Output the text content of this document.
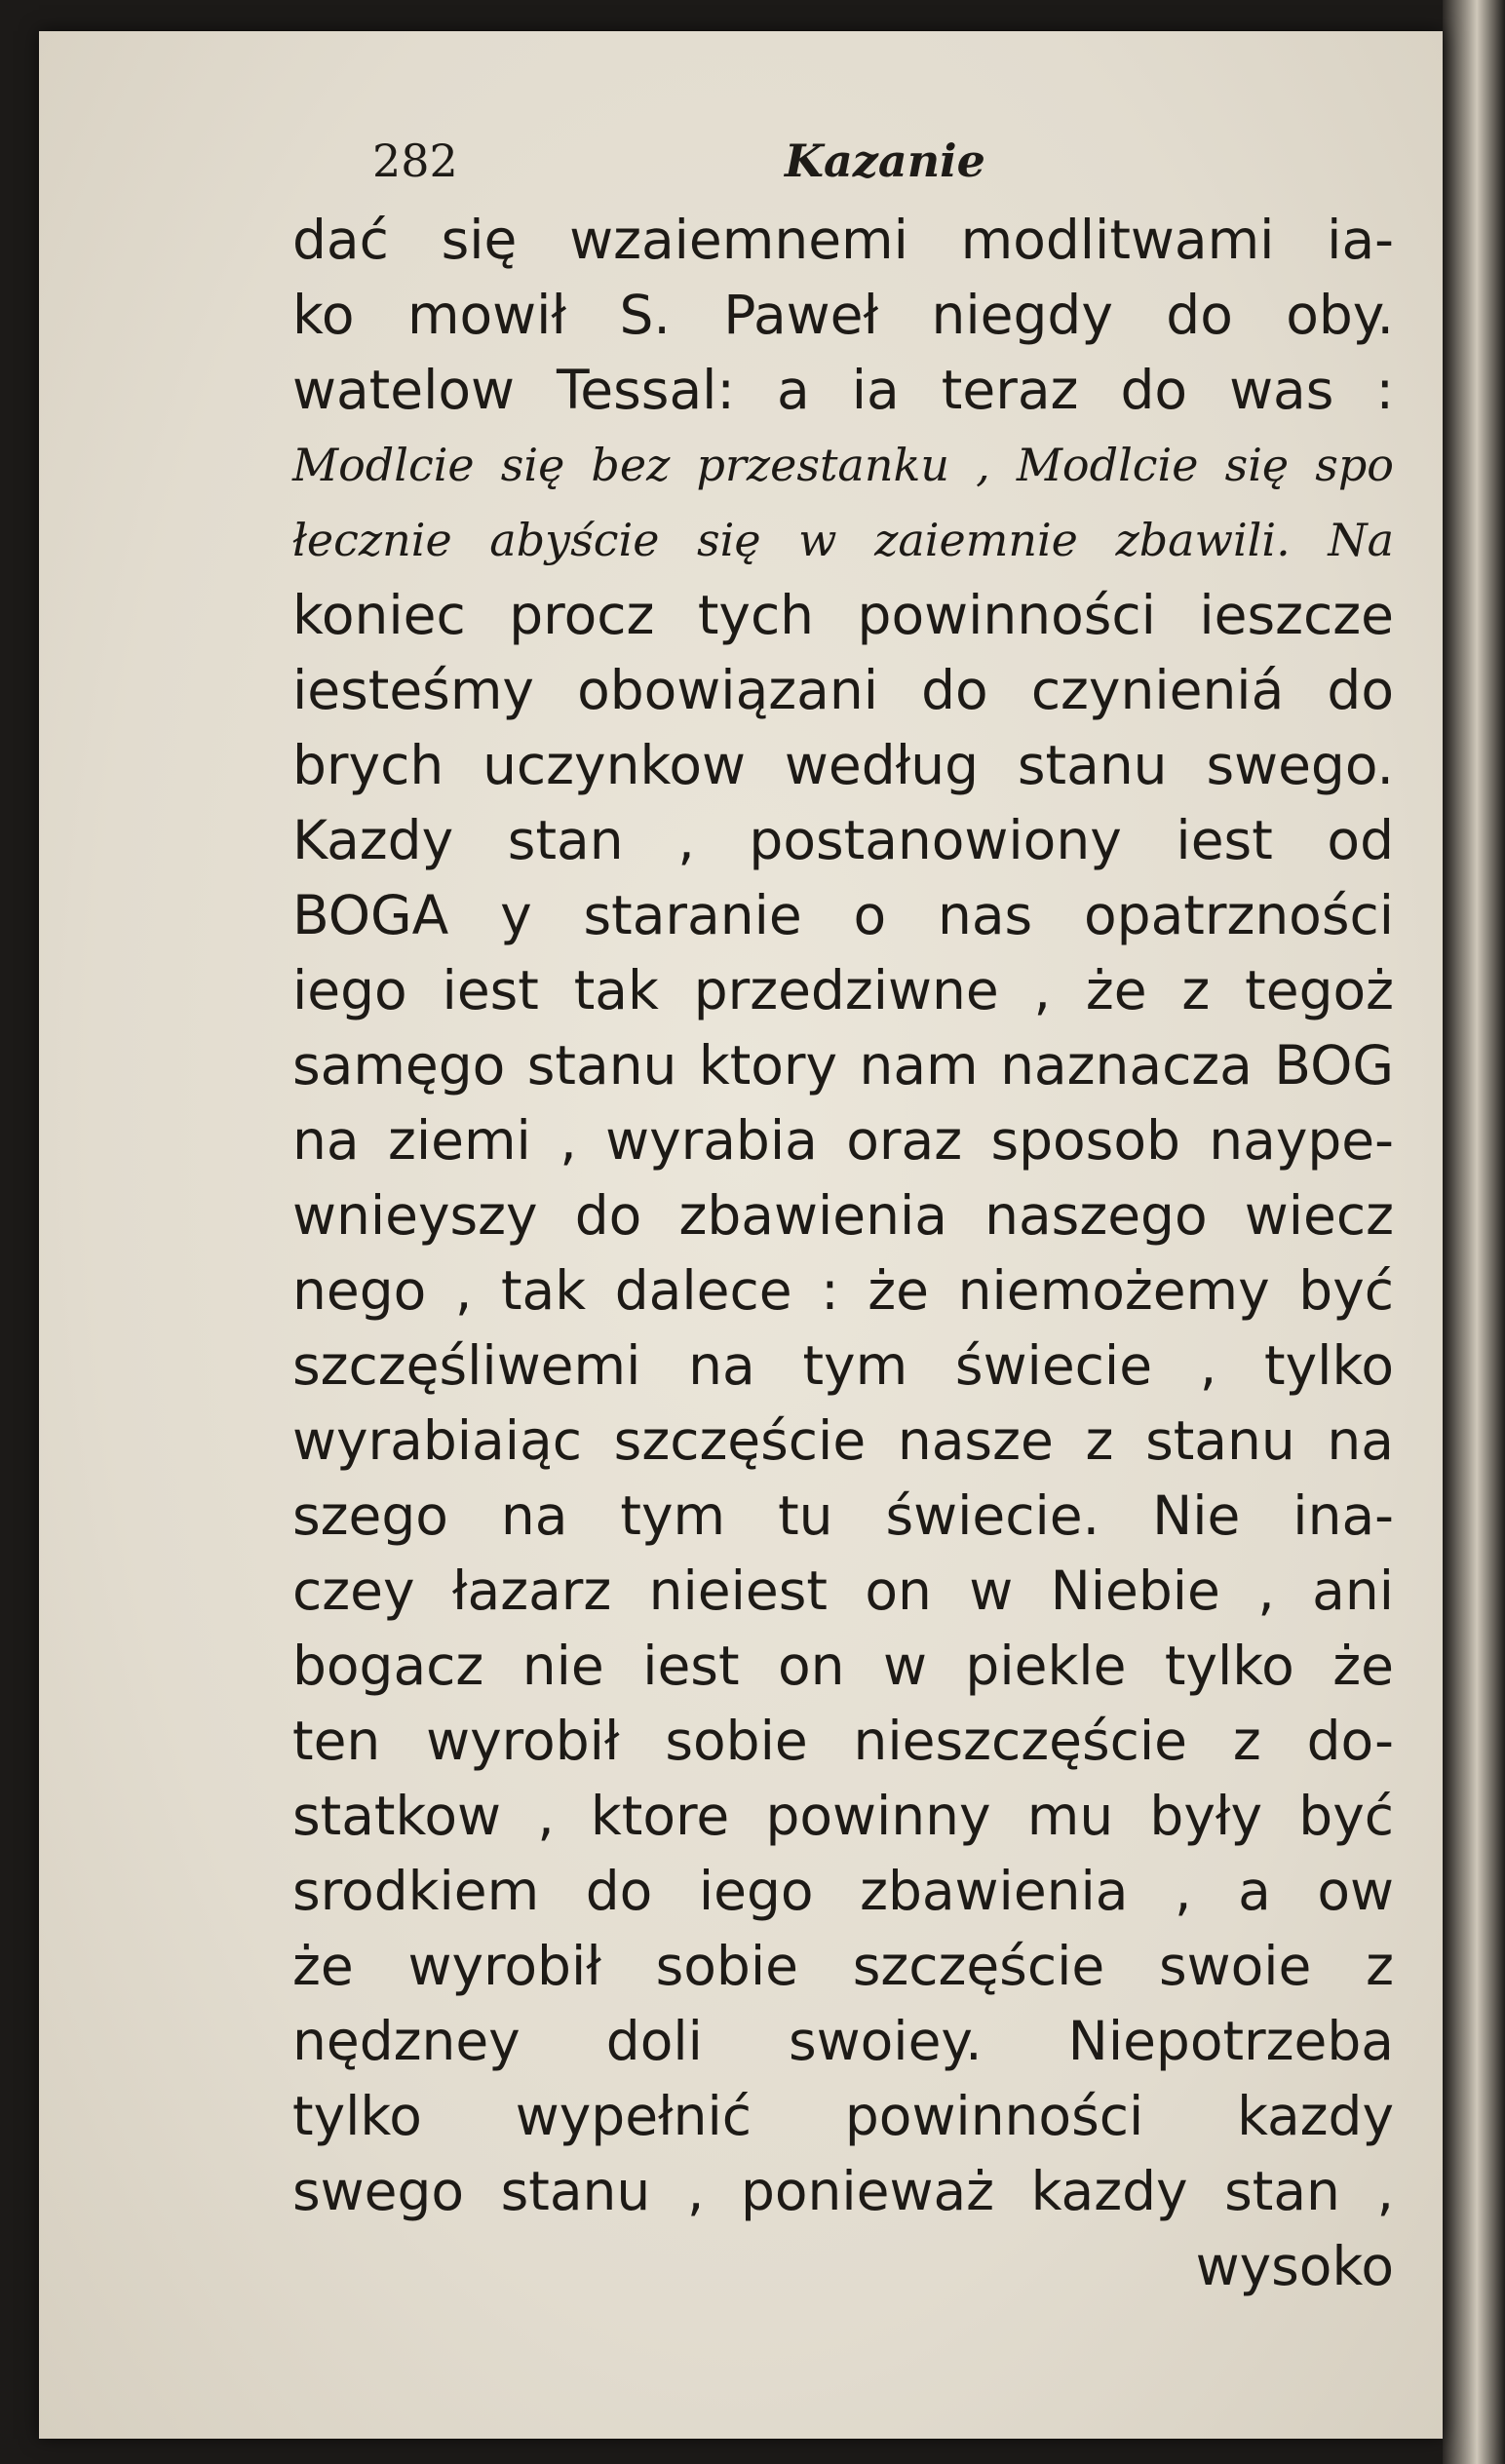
282	Kazanie
dać się wzaiemnemi modlitwami ia-
ko mowił S. Paweł niegdy do oby.
watelow Tessal: a ia teraz do was :
Modlcie się bez przestanku , Modlcie się spo
łecznie abyście się w zaiemnie zbawili. Na
koniec procz tych powinności ieszcze
iesteśmy obowiązani do czynieniá do
brych uczynkow według stanu swego.
Kazdy stan , postanowiony iest od
BOGA y staranie o nas opatrzności
iego iest tak przedziwne , że z tegoż
samęgo stanu ktory nam naznacza BOG
na ziemi , wyrabia oraz sposob naype-
wnieyszy do zbawienia naszego wiecz
nego , tak dalece : że niemożemy być
szczęśliwemi na tym świecie , tylko
wyrabiaiąc szczęście nasze z stanu na
szego na tym tu świecie. Nie ina-
czey łazarz nieiest on w Niebie , ani
bogacz nie iest on w piekle tylko że
ten wyrobił sobie nieszczęście z do-
statkow , ktore powinny mu były być
srodkiem do iego zbawienia , a ow
że wyrobił sobie szczęście swoie z
nędzney doli swoiey. Niepotrzeba
tylko wypełnić powinności kazdy
swego stanu , ponieważ kazdy stan ,
wysoko
